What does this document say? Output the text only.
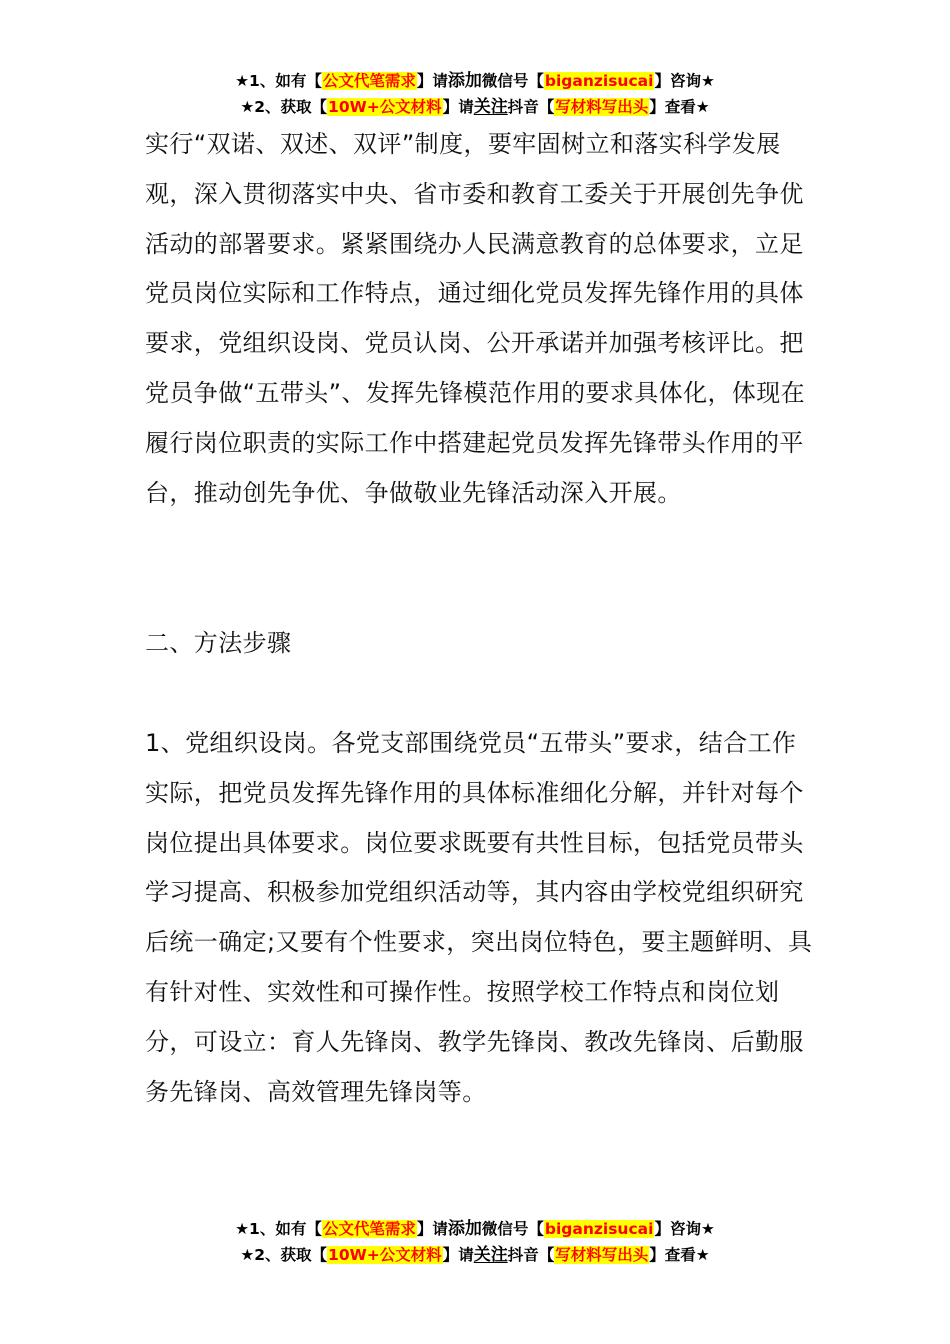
★1、如有【公文代笔需求】请添加微信号【biganzisucai】咨询★
★2、获取【10W+公文材料】请关注抖音【写材料写出头】查看★

实行“双诺、双述、双评”制度，要牢固树立和落实科学发展观，深入贯彻落实中央、省市委和教育工委关于开展创先争优活动的部署要求。紧紧围绕办人民满意教育的总体要求，立足党员岗位实际和工作特点，通过细化党员发挥先锋作用的具体要求，党组织设岗、党员认岗、公开承诺并加强考核评比。把党员争做“五带头”、发挥先锋模范作用的要求具体化，体现在履行岗位职责的实际工作中搭建起党员发挥先锋带头作用的平台，推动创先争优、争做敬业先锋活动深入开展。

二、方法步骤

1、党组织设岗。各党支部围绕党员“五带头”要求，结合工作实际，把党员发挥先锋作用的具体标准细化分解，并针对每个岗位提出具体要求。岗位要求既要有共性目标，包括党员带头学习提高、积极参加党组织活动等，其内容由学校党组织研究后统一确定;又要有个性要求，突出岗位特色，要主题鲜明、具有针对性、实效性和可操作性。按照学校工作特点和岗位划分，可设立：育人先锋岗、教学先锋岗、教改先锋岗、后勤服务先锋岗、高效管理先锋岗等。

★1、如有【公文代笔需求】请添加微信号【biganzisucai】咨询★
★2、获取【10W+公文材料】请关注抖音【写材料写出头】查看★
